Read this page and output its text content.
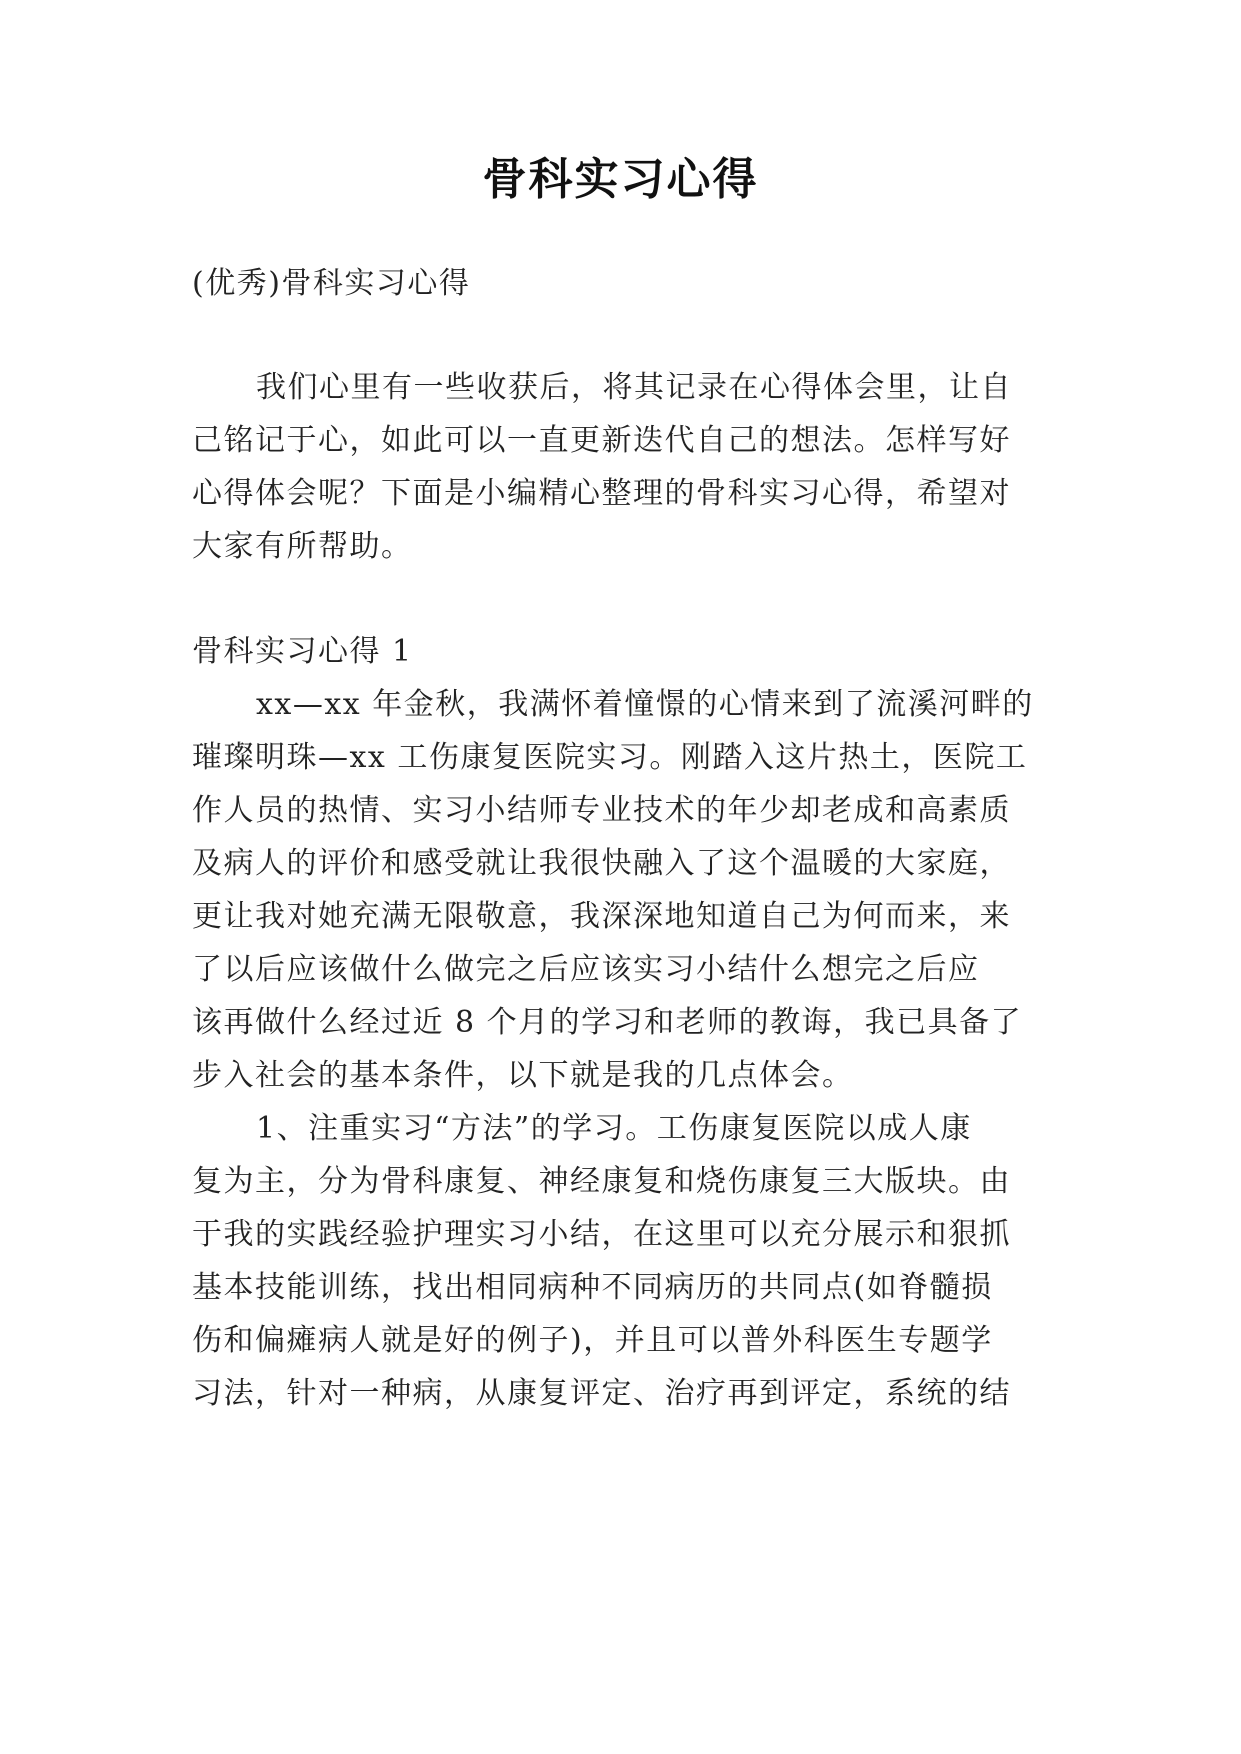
骨科实习心得
(优秀)骨科实习心得
我们心里有一些收获后，将其记录在心得体会里，让自
己铭记于心，如此可以一直更新迭代自己的想法。怎样写好
心得体会呢？下面是小编精心整理的骨科实习心得，希望对
大家有所帮助。
骨科实习心得 1
xx—xx 年金秋，我满怀着憧憬的心情来到了流溪河畔的
璀璨明珠—xx 工伤康复医院实习。刚踏入这片热土，医院工
作人员的热情、实习小结师专业技术的年少却老成和高素质
及病人的评价和感受就让我很快融入了这个温暖的大家庭，
更让我对她充满无限敬意，我深深地知道自己为何而来，来
了以后应该做什么做完之后应该实习小结什么想完之后应
该再做什么经过近 8 个月的学习和老师的教诲，我已具备了
步入社会的基本条件，以下就是我的几点体会。
1、注重实习“方法”的学习。工伤康复医院以成人康
复为主，分为骨科康复、神经康复和烧伤康复三大版块。由
于我的实践经验护理实习小结，在这里可以充分展示和狠抓
基本技能训练，找出相同病种不同病历的共同点(如脊髓损
伤和偏瘫病人就是好的例子)，并且可以普外科医生专题学
习法，针对一种病，从康复评定、治疗再到评定，系统的结
